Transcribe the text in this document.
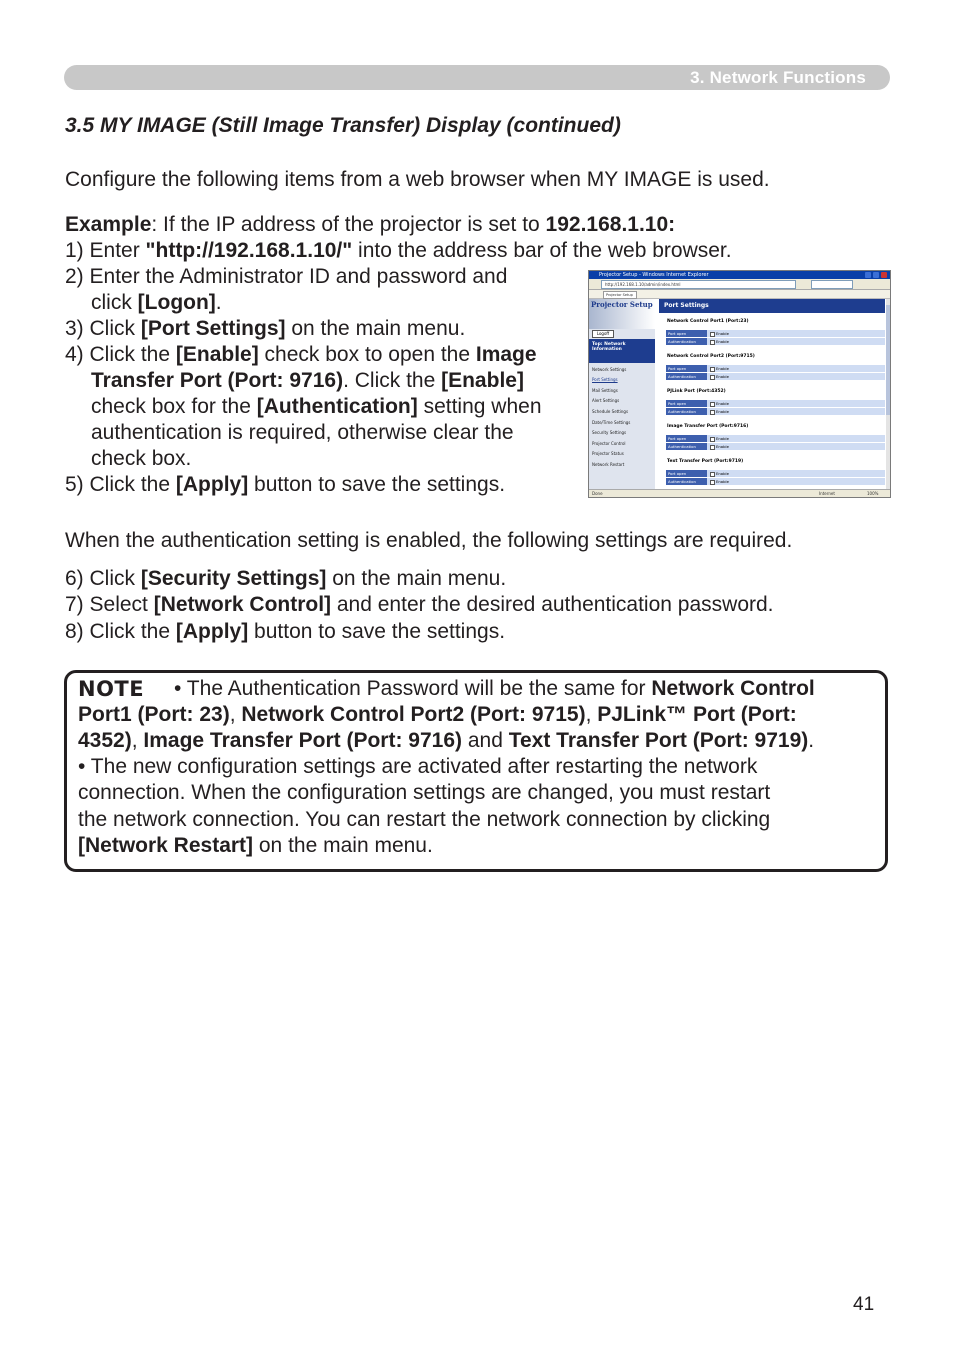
3. Network Functions
3.5 MY IMAGE (Still Image Transfer) Display (continued)

Configure the following items from a web browser when MY IMAGE is used.

Example: If the IP address of the projector is set to 192.168.1.10:
1) Enter "http://192.168.1.10/" into the address bar of the web browser.
2) Enter the Administrator ID and password and
click [Logon].
3) Click [Port Settings] on the main menu.
4) Click the [Enable] check box to open the Image
Transfer Port (Port: 9716). Click the [Enable]
check box for the [Authentication] setting when
authentication is required, otherwise clear the
check box.
5) Click the [Apply] button to save the settings.
Projector Setup - Windows Internet Explorer
http://192.168.1.10/admin/index.html
Projector Setup
Projector Setup
Logoff
Top: Network Information
Network Settings
Port Settings
Mail Settings
Alert Settings
Schedule Settings
Date/Time Settings
Security Settings
Projector Control
Projector Status
Network Restart
Port Settings
Network Control Port1 (Port:23)
Port open	Enable
Authentication	Enable
Network Control Port2 (Port:9715)
Port open	Enable
Authentication	Enable
PJLink Port (Port:4352)
Port open	Enable
Authentication	Enable
Image Transfer Port (Port:9716)
Port open	Enable
Authentication	Enable
Text Transfer Port (Port:9719)
Port open	Enable
Authentication	Enable
Done	Internet	100%

When the authentication setting is enabled, the following settings are required.

6) Click [Security Settings] on the main menu.
7) Select [Network Control] and enter the desired authentication password.
8) Click the [Apply] button to save the settings.
NOTE • The Authentication Password will be the same for Network Control
Port1 (Port: 23), Network Control Port2 (Port: 9715), PJLink™ Port (Port:
4352), Image Transfer Port (Port: 9716) and Text Transfer Port (Port: 9719).
• The new configuration settings are activated after restarting the network
connection. When the configuration settings are changed, you must restart
the network connection. You can restart the network connection by clicking
[Network Restart] on the main menu.
41
